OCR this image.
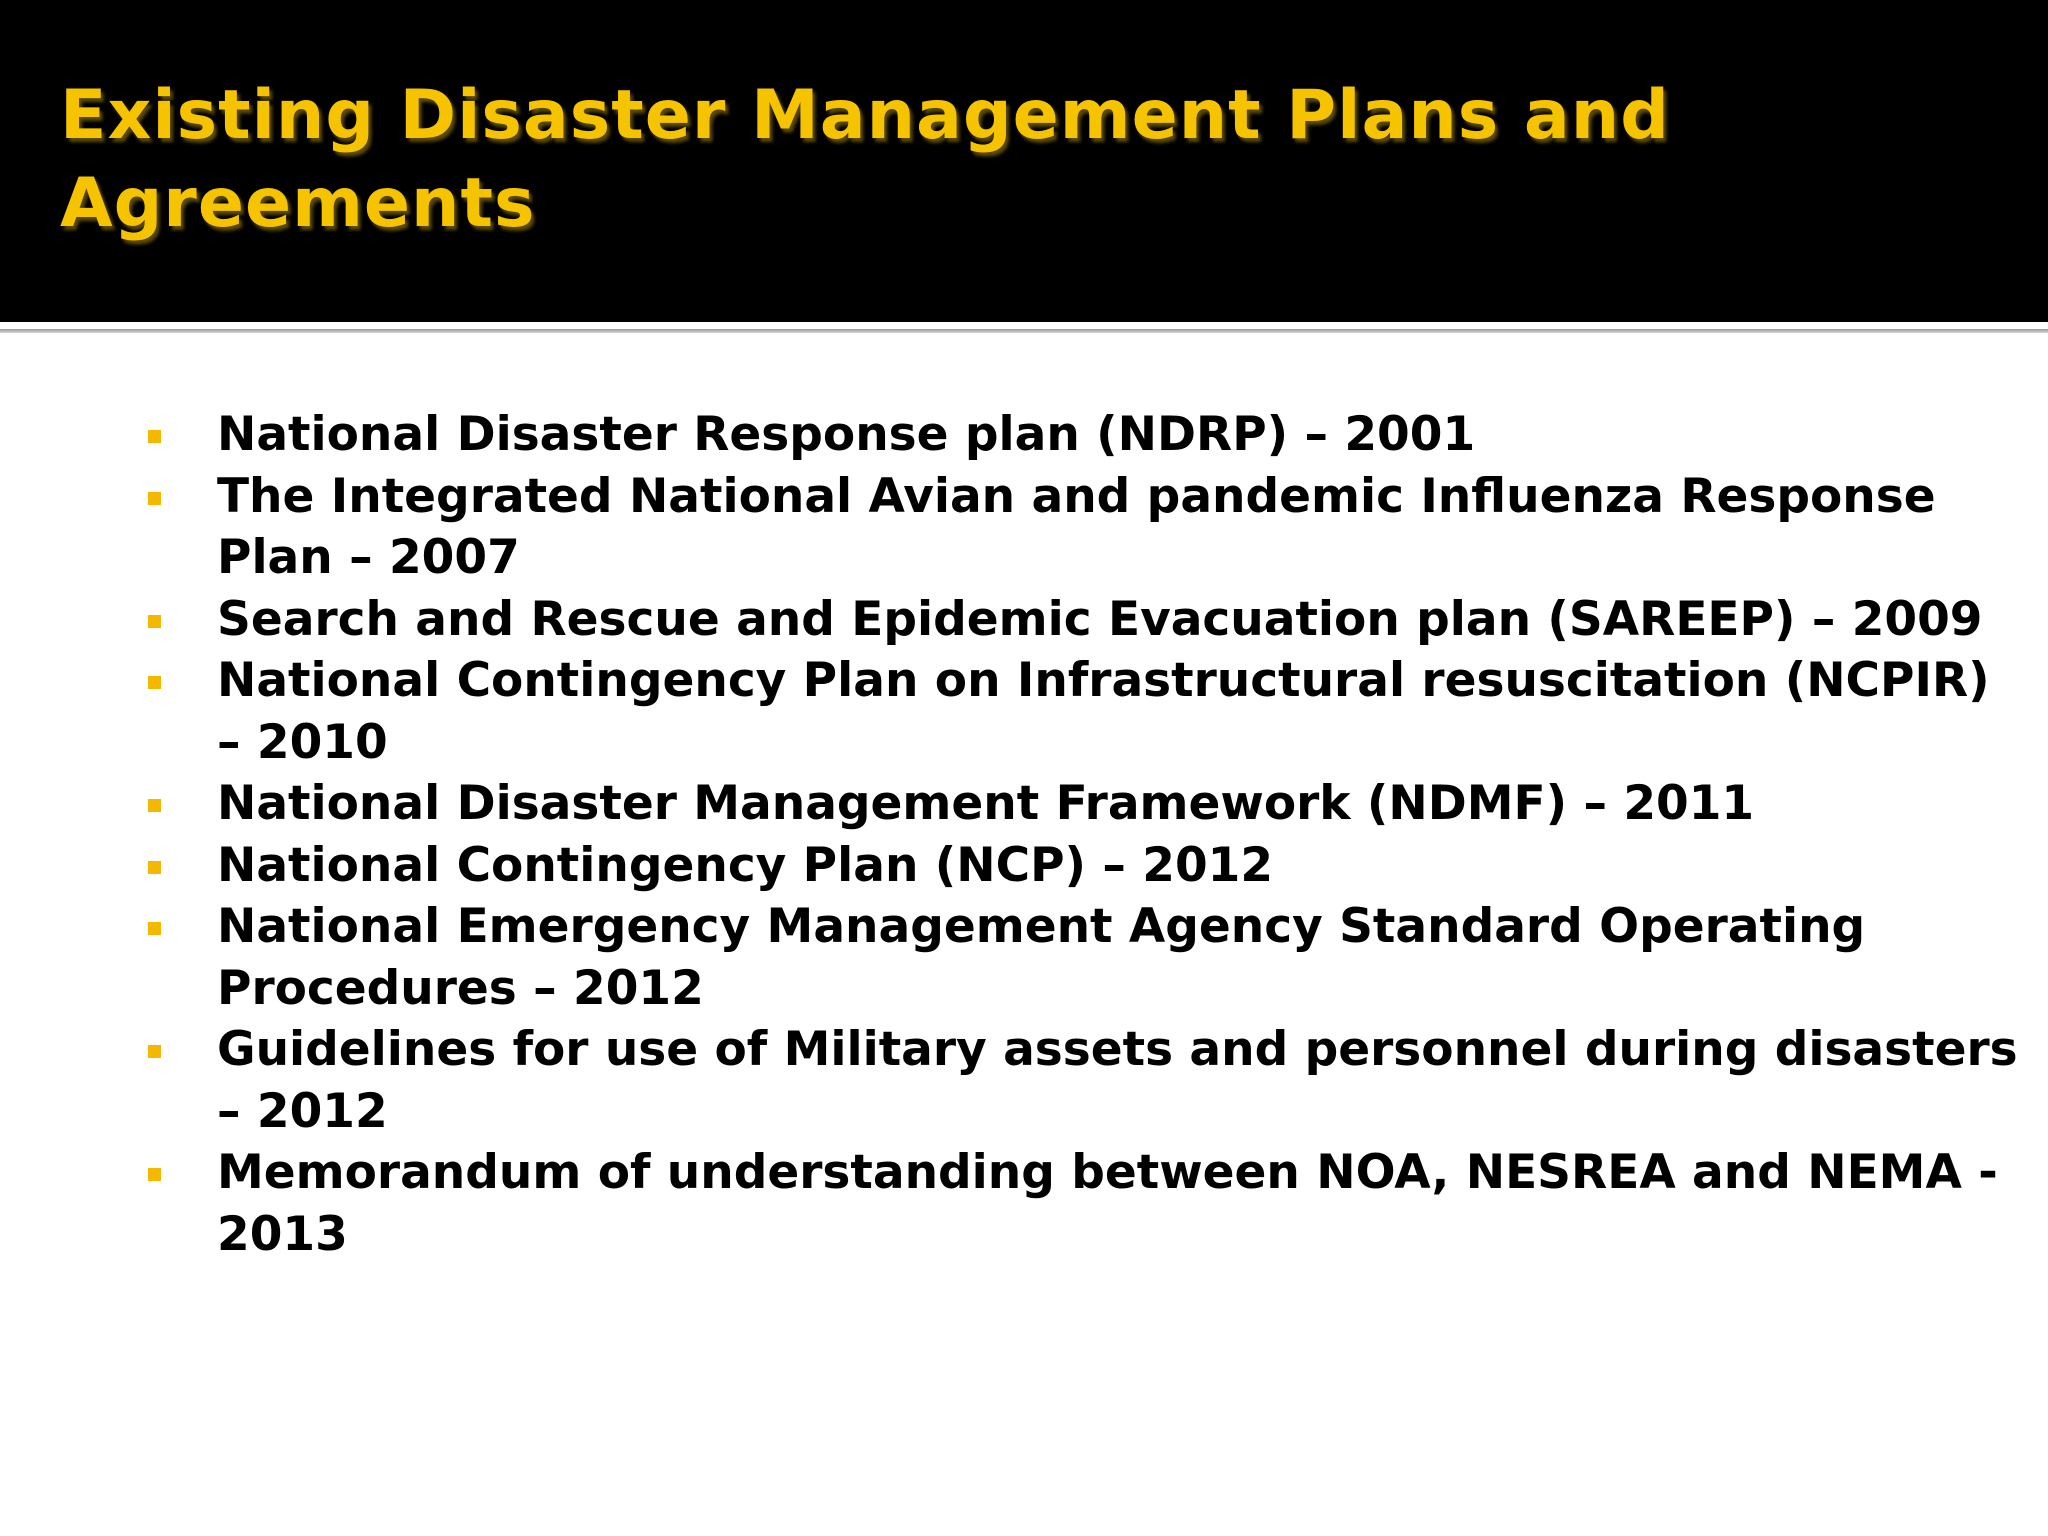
Existing Disaster Management Plans and Agreements
National Disaster Response plan (NDRP) – 2001
The Integrated National Avian and pandemic Influenza Response Plan – 2007
Search and Rescue and Epidemic Evacuation plan (SAREEP) – 2009
National Contingency Plan on Infrastructural resuscitation (NCPIR) – 2010
National Disaster Management Framework (NDMF) – 2011
National Contingency Plan (NCP) – 2012
National Emergency Management Agency Standard Operating Procedures – 2012
Guidelines for use of Military assets and personnel during disasters – 2012
Memorandum of understanding between NOA, NESREA and NEMA - 2013
